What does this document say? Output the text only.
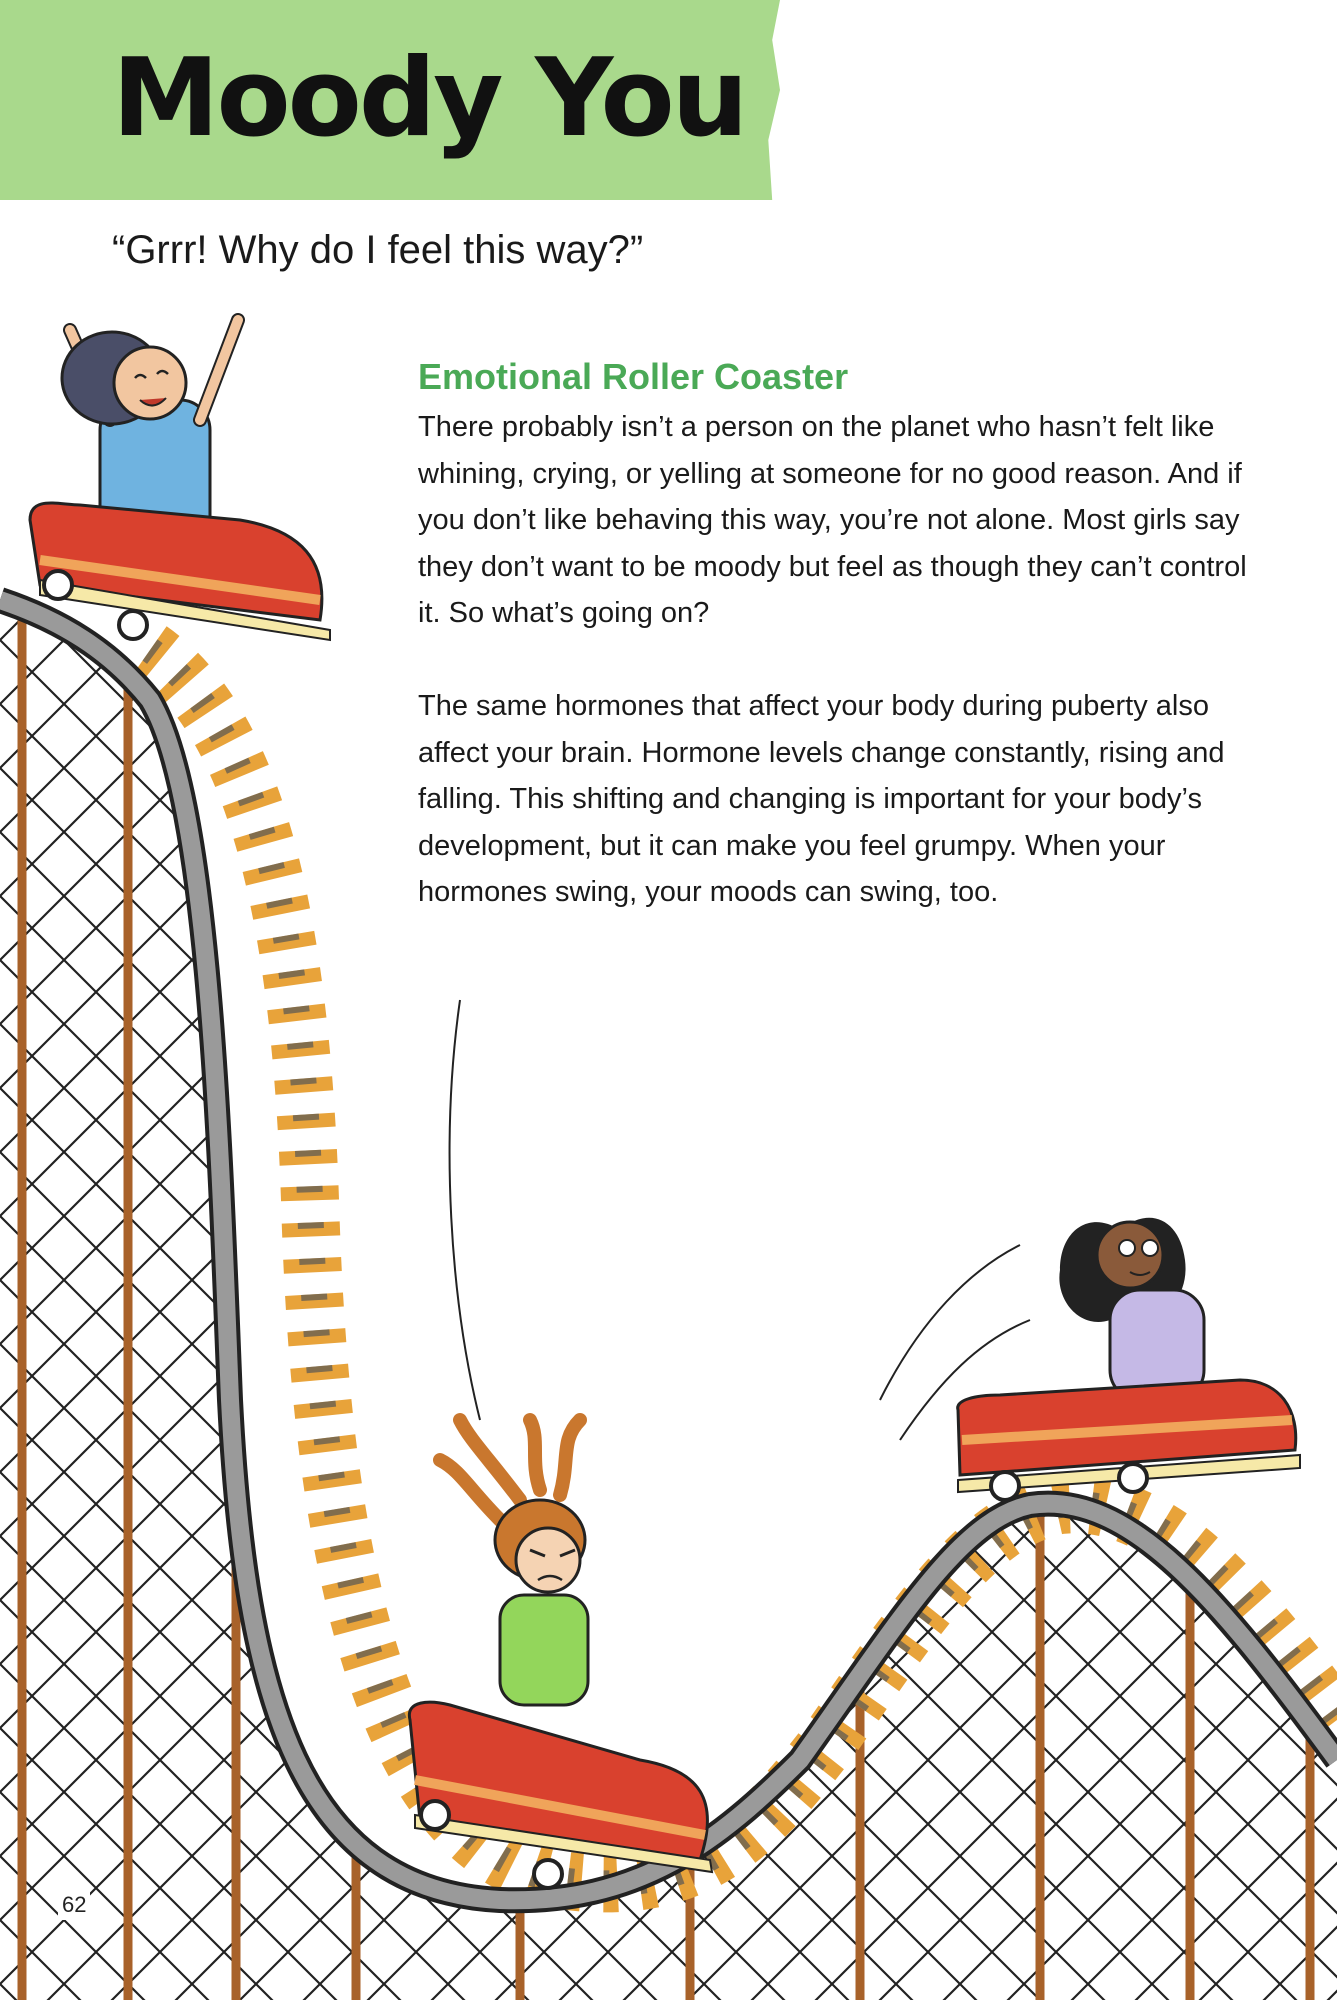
Moody You
“Grrr! Why do I feel this way?”
Emotional Roller Coaster
There probably isn’t a person on the planet who hasn’t felt like whining, crying, or yelling at someone for no good reason. And if you don’t like behaving this way, you’re not alone. Most girls say they don’t want to be moody but feel as though they can’t control it. So what’s going on?
The same hormones that affect your body during puberty also affect your brain. Hormone levels change constantly, rising and falling. This shifting and changing is important for your body’s development, but it can make you feel grumpy. When your hormones swing, your moods can swing, too.
62
